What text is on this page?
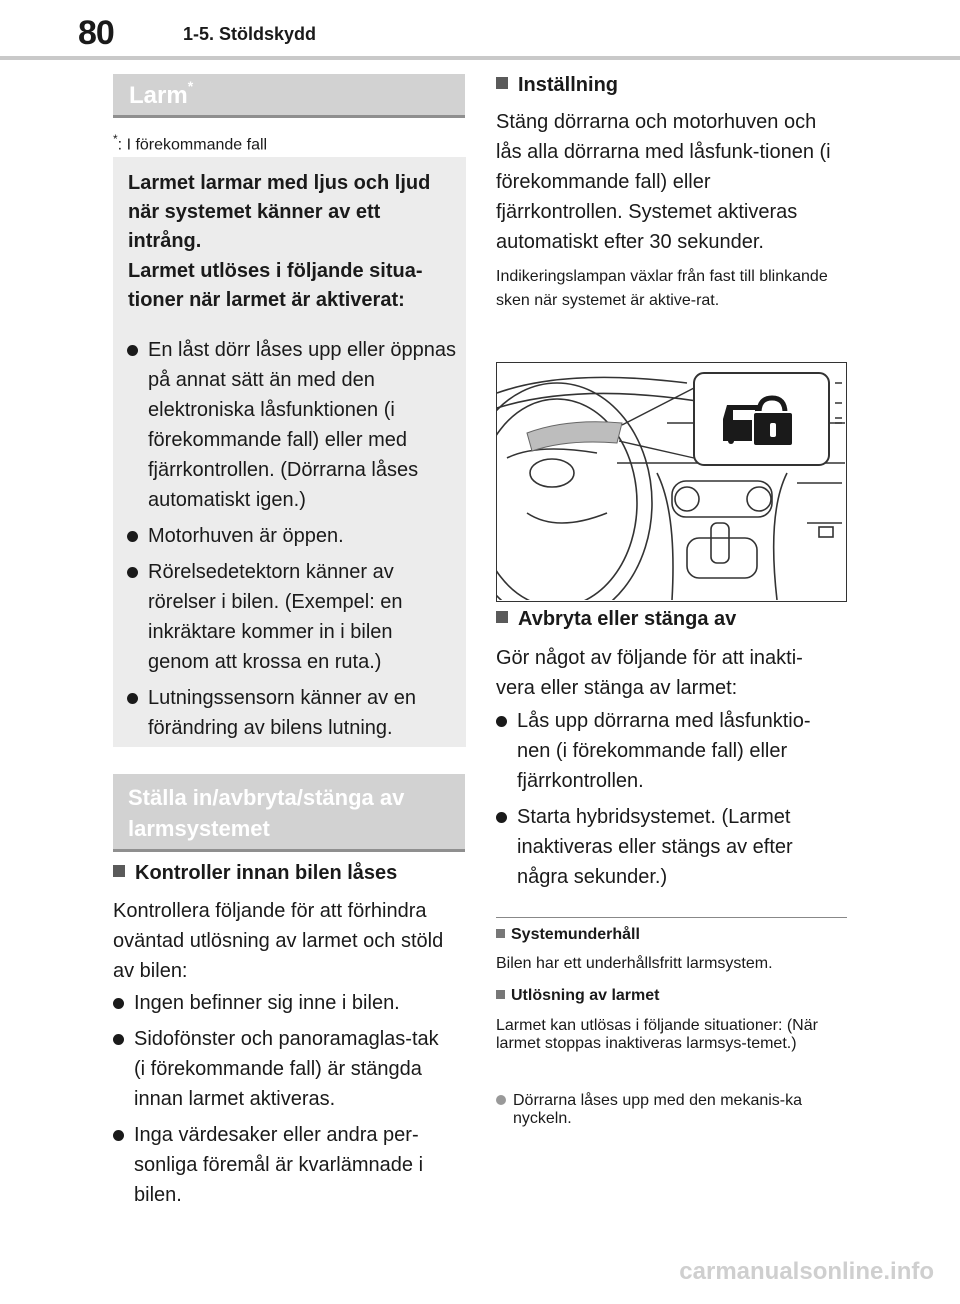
80	1-5. Stöldskydd
Larm*
*: I förekommande fall
Larmet larmar med ljus och ljud när systemet känner av ett intrång.
Larmet utlöses i följande situa-tioner när larmet är aktiverat:
En låst dörr låses upp eller öppnas på annat sätt än med den elektroniska låsfunktionen (i förekommande fall) eller med fjärrkontrollen. (Dörrarna låses automatiskt igen.)
Motorhuven är öppen.
Rörelsedetektorn känner av rörelser i bilen. (Exempel: en inkräktare kommer in i bilen genom att krossa en ruta.)
Lutningssensorn känner av en förändring av bilens lutning.
Ställa in/avbryta/stänga av larmsystemet
Kontroller innan bilen låses
Kontrollera följande för att förhindra oväntad utlösning av larmet och stöld av bilen:
Ingen befinner sig inne i bilen.
Sidofönster och panoramaglas-tak (i förekommande fall) är stängda innan larmet aktiveras.
Inga värdesaker eller andra per-sonliga föremål är kvarlämnade i bilen.
Inställning
Stäng dörrarna och motorhuven och lås alla dörrarna med låsfunk-tionen (i förekommande fall) eller fjärrkontrollen. Systemet aktiveras automatiskt efter 30 sekunder.
Indikeringslampan växlar från fast till blinkande sken när systemet är aktive-rat.
Avbryta eller stänga av
Gör något av följande för att inakti-vera eller stänga av larmet:
Lås upp dörrarna med låsfunktio-nen (i förekommande fall) eller fjärrkontrollen.
Starta hybridsystemet. (Larmet inaktiveras eller stängs av efter några sekunder.)
Systemunderhåll
Bilen har ett underhållsfritt larmsystem.
Utlösning av larmet
Larmet kan utlösas i följande situationer: (När larmet stoppas inaktiveras larmsys-temet.)
Dörrarna låses upp med den mekanis-ka nyckeln.
carmanualsonline.info
